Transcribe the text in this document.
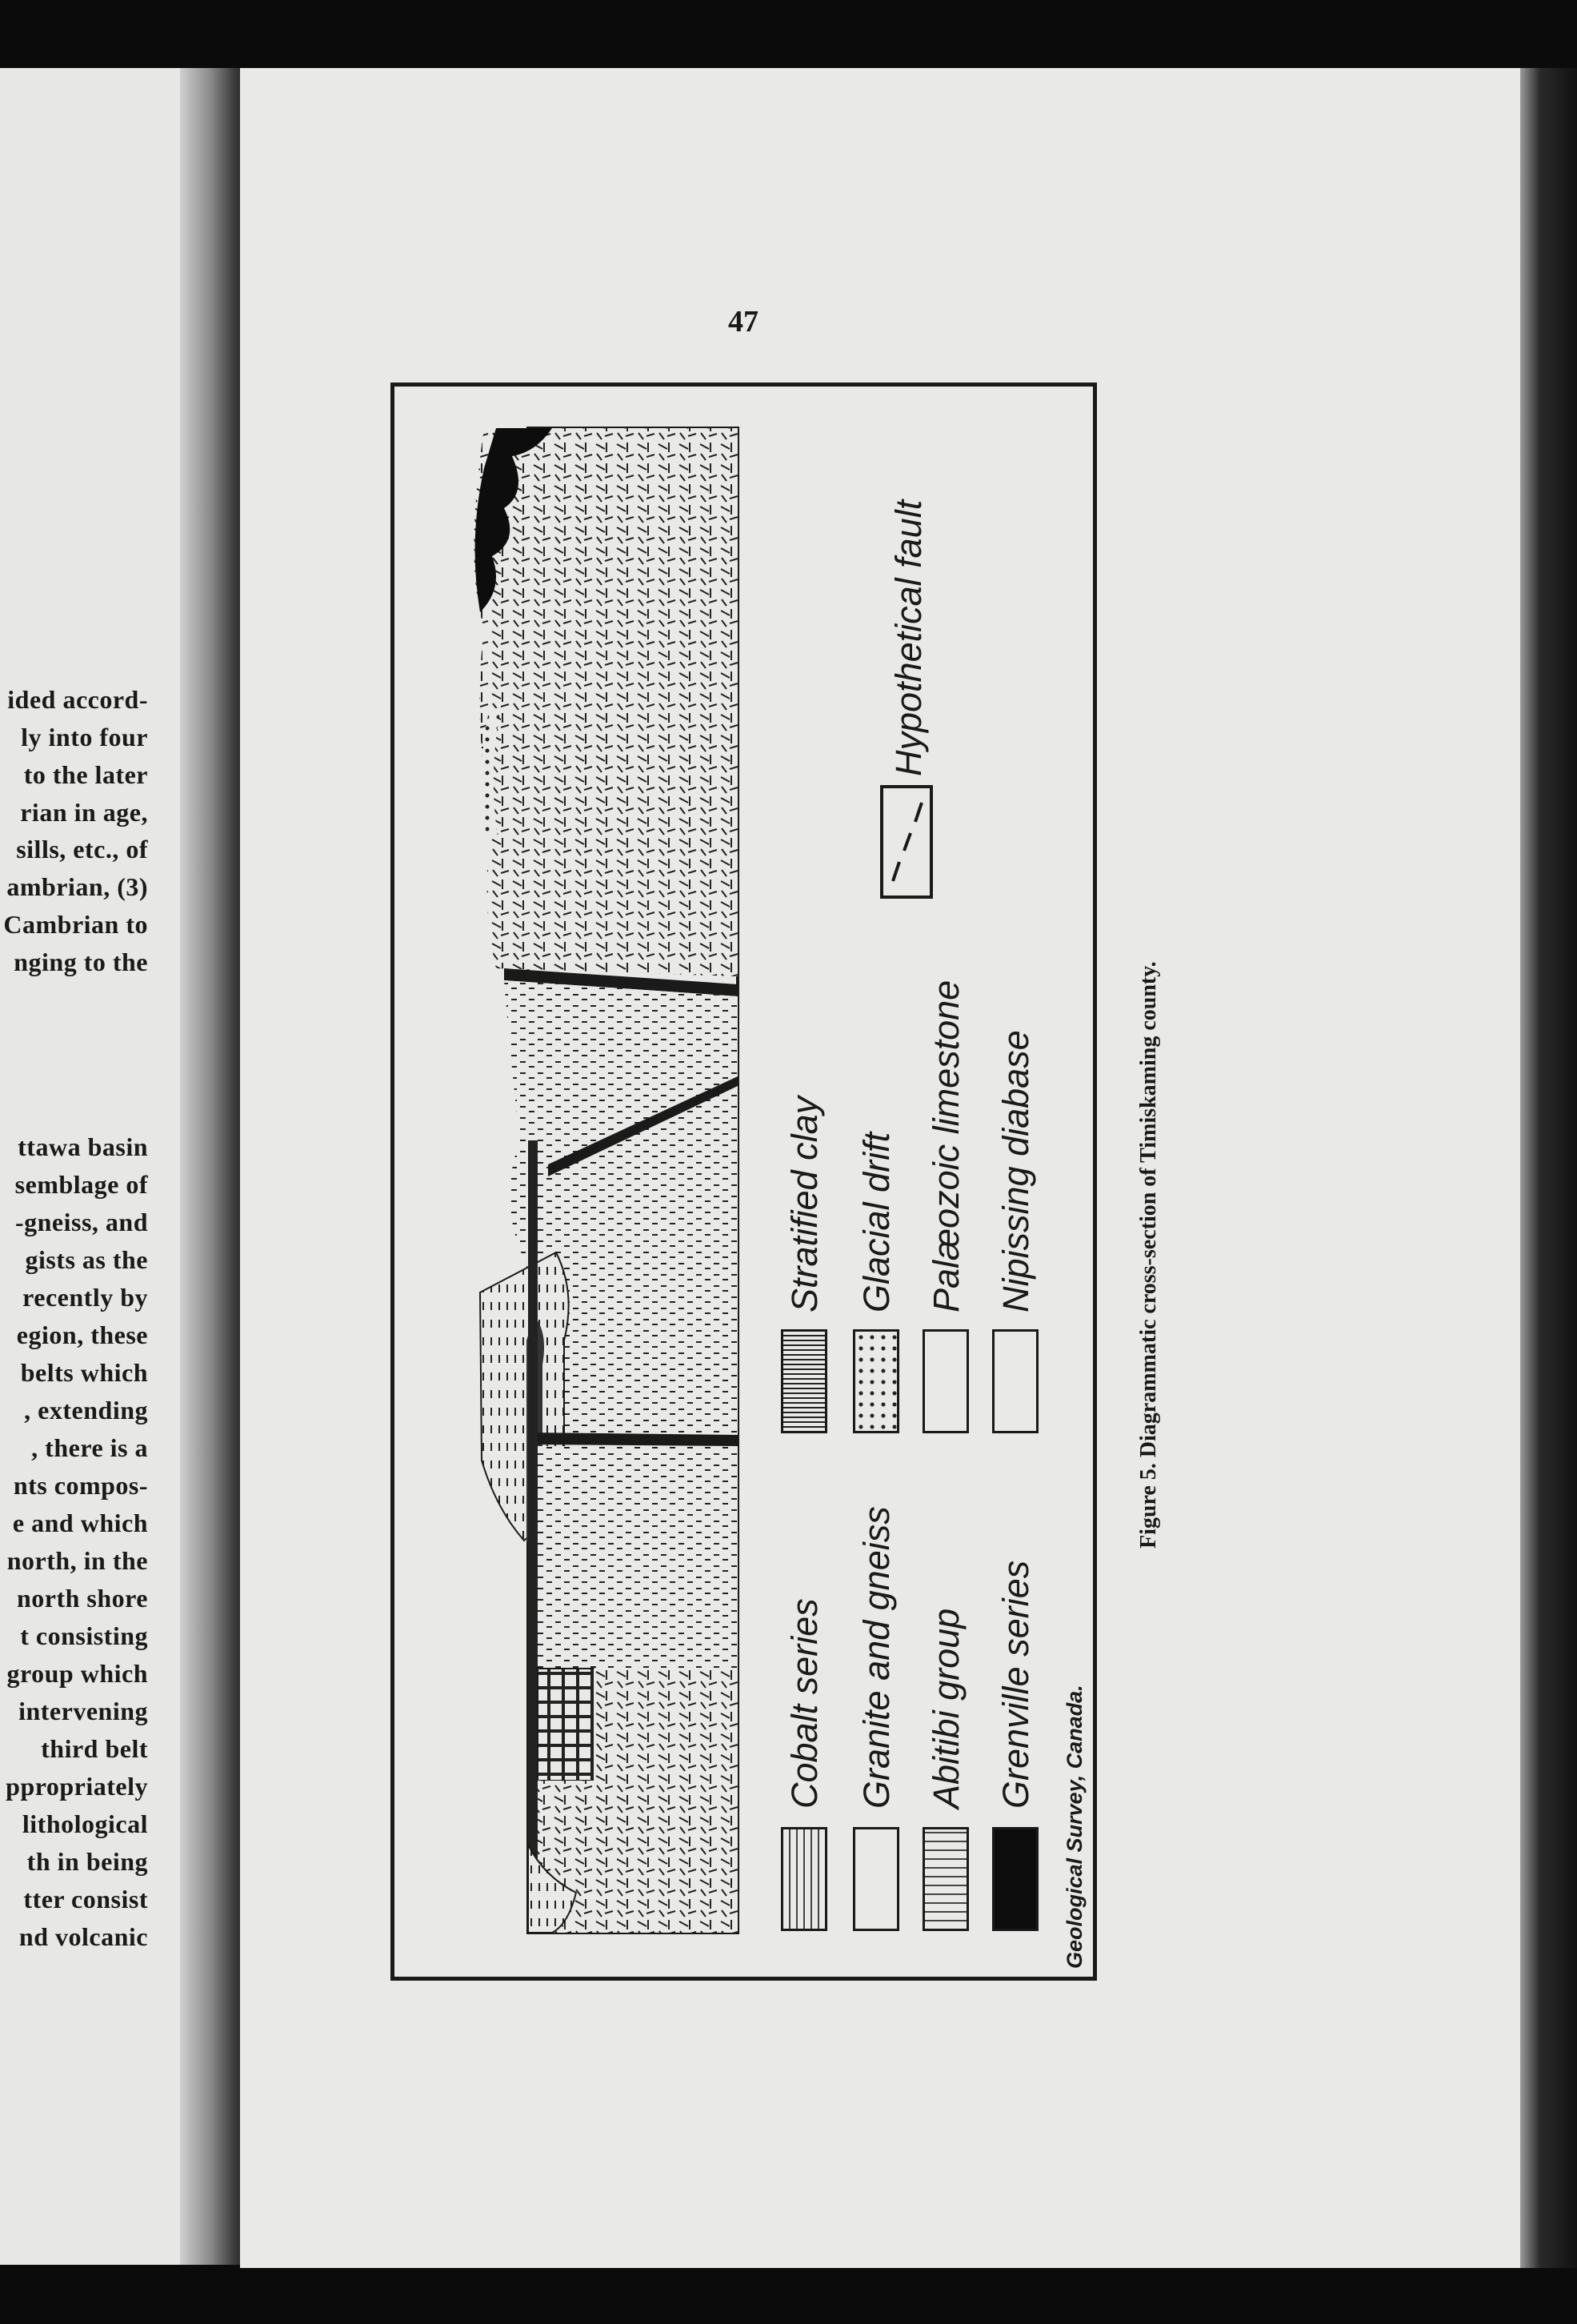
ided accord-
ly into four
to the later
rian in age,
sills, etc., of
ambrian, (3)
Cambrian to
nging to the
ttawa basin
semblage of
-gneiss, and
gists as the
recently by
egion, these
belts which
, extending
, there is a
nts compos-
e and which
north, in the
north shore
t consisting
group which
intervening
third belt
ppropriately
lithological
th in being
tter consist
nd volcanic
47
Cobalt series Granite and gneiss Abitibi group Grenville series
Stratified clay Glacial drift Palæozoic limestone Nipissing diabase
Hypothetical fault
Geological Survey, Canada.
Figure 5. Diagrammatic cross-section of Timiskaming county.
